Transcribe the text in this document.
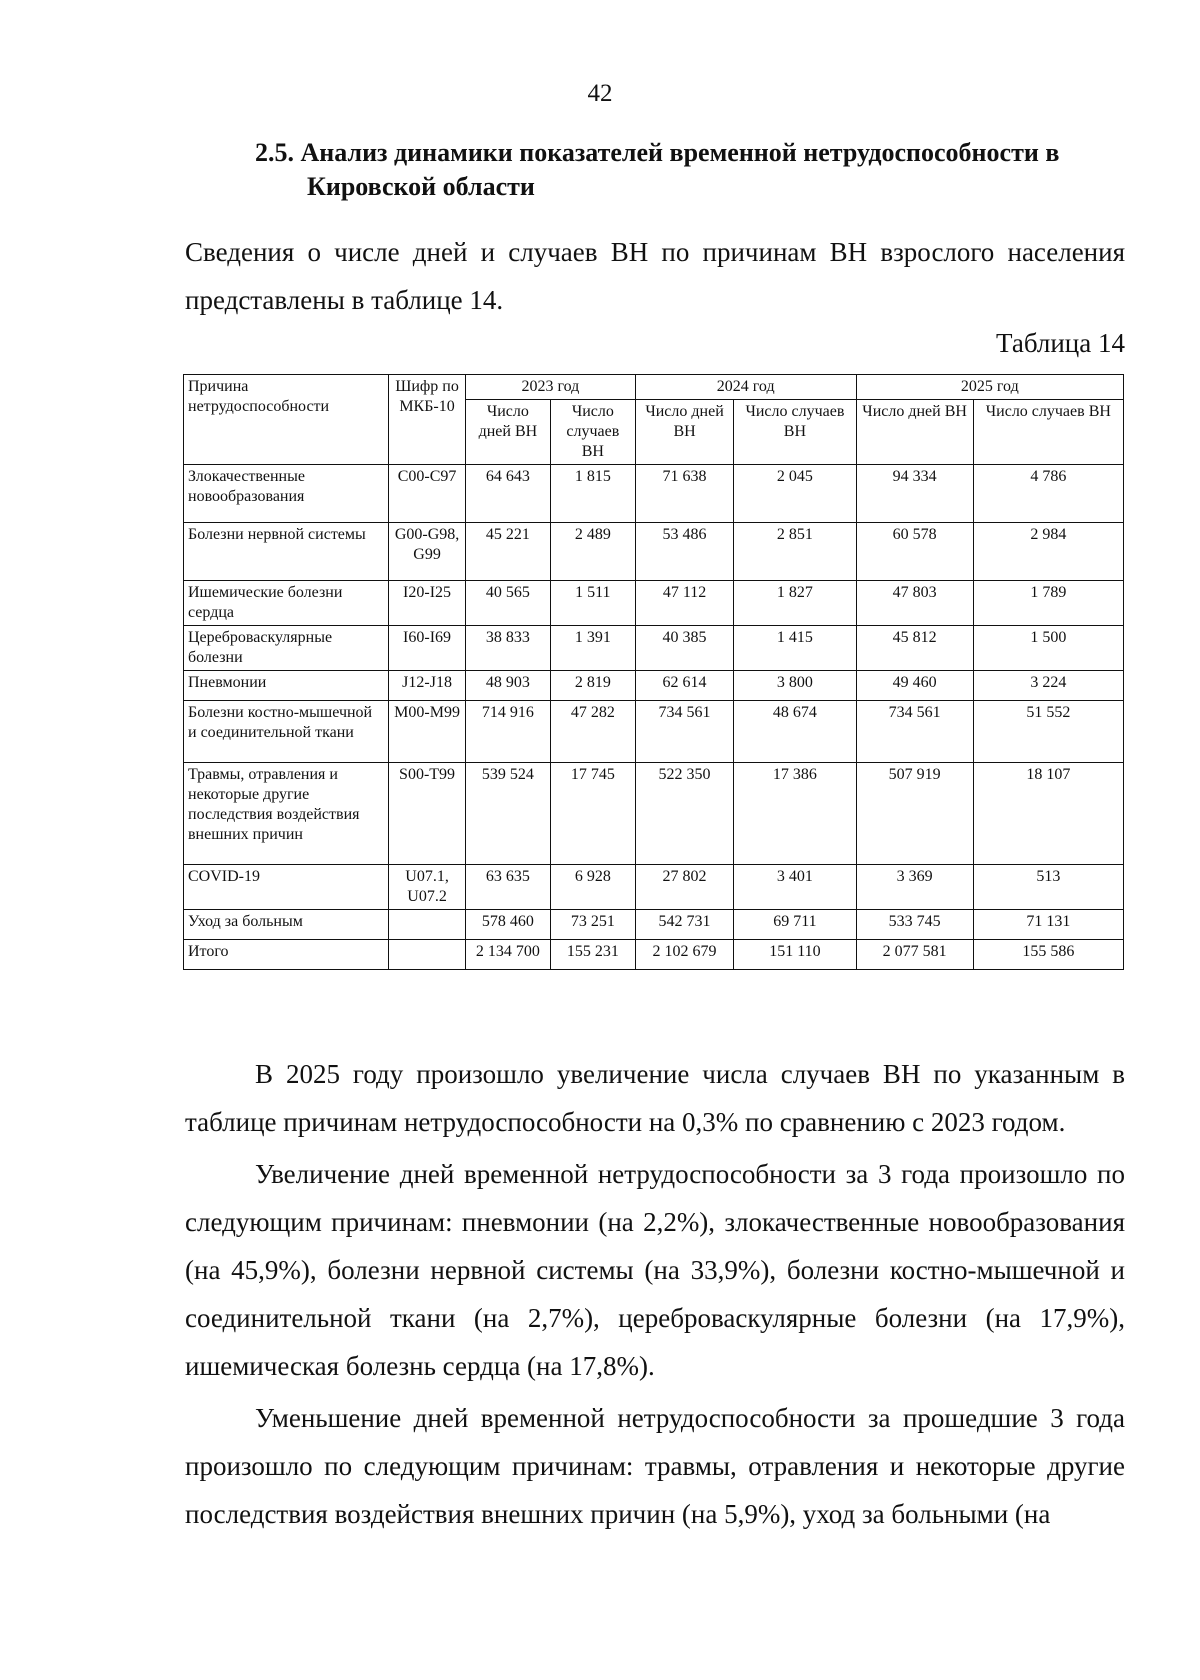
42
2.5. Анализ динамики показателей временной нетрудоспособности в
Кировской области
Сведения о числе дней и случаев ВН по причинам ВН взрослого населения представлены в таблице 14.
Таблица 14
Причина нетрудоспособности	Шифр по МКБ-10	2023 год		2024 год		2025 год	
		Число дней ВН	Число случаев ВН	Число дней ВН	Число случаев ВН	Число дней ВН	Число случаев ВН
Злокачественные новообразования	C00-C97	64 643	1 815	71 638	2 045	94 334	4 786
Болезни нервной системы	G00-G98, G99	45 221	2 489	53 486	2 851	60 578	2 984
Ишемические болезни сердца	I20-I25	40 565	1 511	47 112	1 827	47 803	1 789
Цереброваскулярные болезни	I60-I69	38 833	1 391	40 385	1 415	45 812	1 500
Пневмонии	J12-J18	48 903	2 819	62 614	3 800	49 460	3 224
Болезни костно-мышечной и соединительной ткани	M00-M99	714 916	47 282	734 561	48 674	734 561	51 552
Травмы, отравления и некоторые другие последствия воздействия внешних причин	S00-T99	539 524	17 745	522 350	17 386	507 919	18 107
COVID-19	U07.1, U07.2	63 635	6 928	27 802	3 401	3 369	513
Уход за больным		578 460	73 251	542 731	69 711	533 745	71 131
Итого		2 134 700	155 231	2 102 679	151 110	2 077 581	155 586

В 2025 году произошло увеличение числа случаев ВН по указанным в таблице причинам нетрудоспособности на 0,3% по сравнению с 2023 годом.

Увеличение дней временной нетрудоспособности за 3 года произошло по следующим причинам: пневмонии (на 2,2%), злокачественные новообразования (на 45,9%), болезни нервной системы (на 33,9%), болезни костно-мышечной и соединительной ткани (на 2,7%), цереброваскулярные болезни (на 17,9%), ишемическая болезнь сердца (на 17,8%).

Уменьшение дней временной нетрудоспособности за прошедшие 3 года произошло по следующим причинам: травмы, отравления и некоторые другие последствия воздействия внешних причин (на 5,9%), уход за больными (на
